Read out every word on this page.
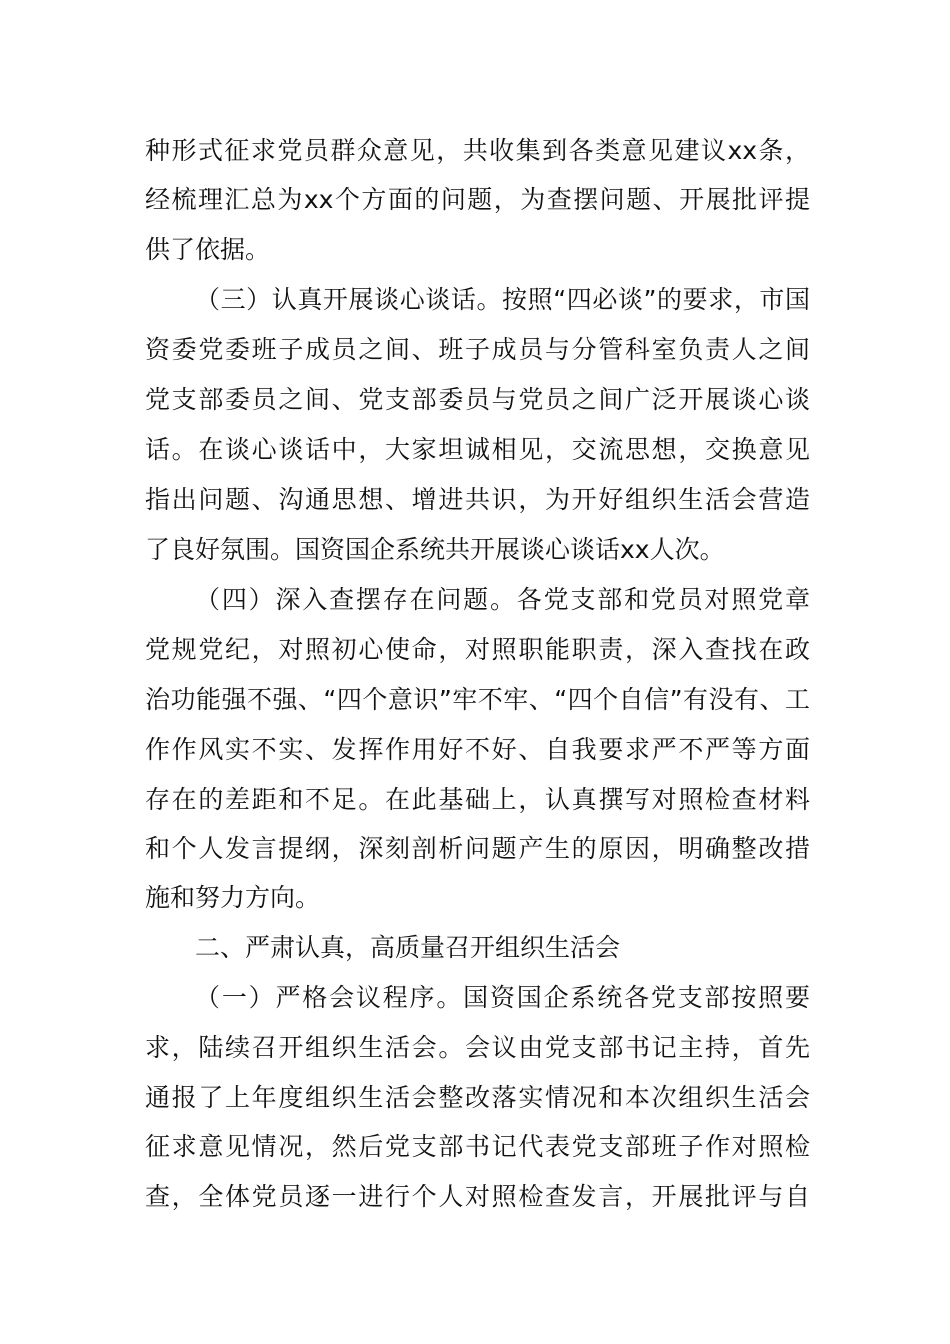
种形式征求党员群众意见，共收集到各类意见建议xx条，
经梳理汇总为xx个方面的问题，为查摆问题、开展批评提
供了依据。
（三）认真开展谈心谈话。按照“四必谈”的要求，市国
资委党委班子成员之间、班子成员与分管科室负责人之间
党支部委员之间、党支部委员与党员之间广泛开展谈心谈
话。在谈心谈话中，大家坦诚相见，交流思想，交换意见
指出问题、沟通思想、增进共识，为开好组织生活会营造
了良好氛围。国资国企系统共开展谈心谈话xx人次。
（四）深入查摆存在问题。各党支部和党员对照党章
党规党纪，对照初心使命，对照职能职责，深入查找在政
治功能强不强、“四个意识”牢不牢、“四个自信”有没有、工
作作风实不实、发挥作用好不好、自我要求严不严等方面
存在的差距和不足。在此基础上，认真撰写对照检查材料
和个人发言提纲，深刻剖析问题产生的原因，明确整改措
施和努力方向。
二、严肃认真，高质量召开组织生活会
（一）严格会议程序。国资国企系统各党支部按照要
求，陆续召开组织生活会。会议由党支部书记主持，首先
通报了上年度组织生活会整改落实情况和本次组织生活会
征求意见情况，然后党支部书记代表党支部班子作对照检
查，全体党员逐一进行个人对照检查发言，开展批评与自
